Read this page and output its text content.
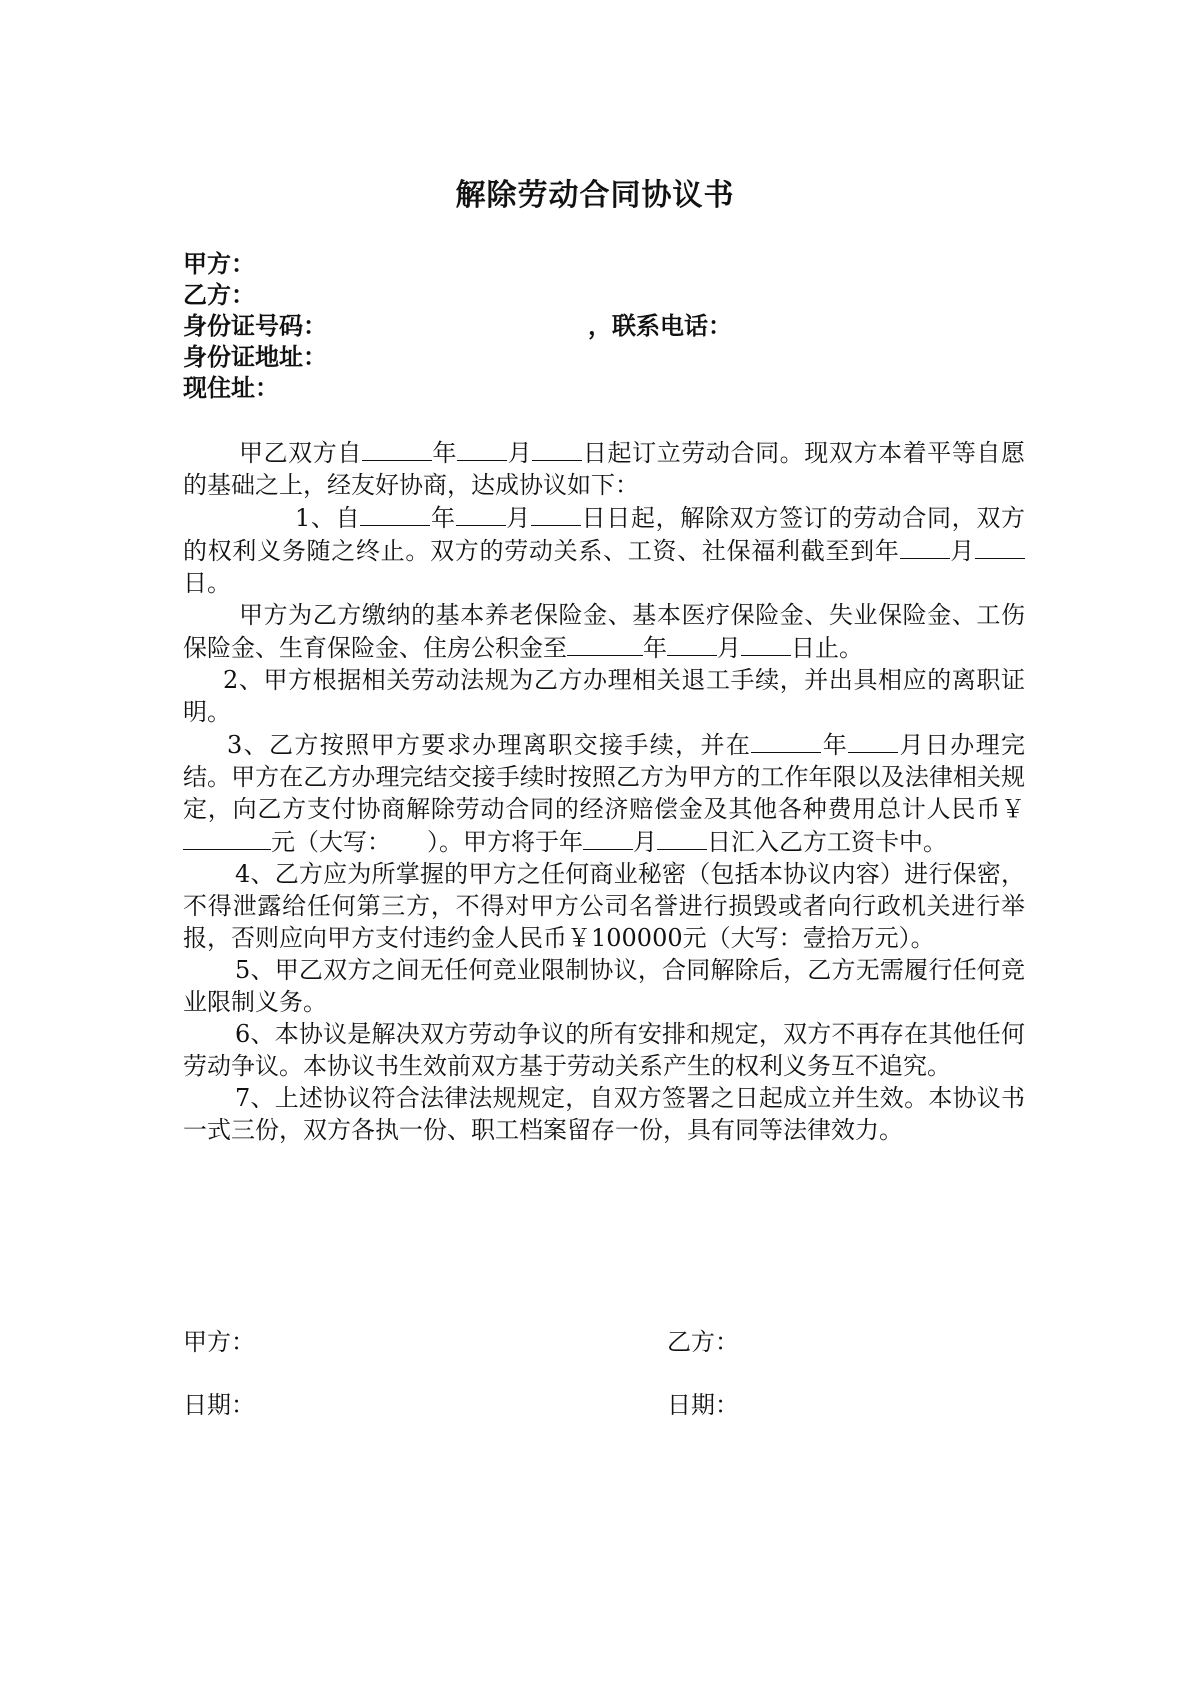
解除劳动合同协议书
甲方：
乙方：
身份证号码：	，联系电话：
身份证地址：
现住址：

甲乙双方自	年 月 日起订立劳动合同。现双方本着平等自愿的基础之上，经友好协商，达成协议如下：

1、自	年 月 日日起，解除双方签订的劳动合同，双方的权利义务随之终止。双方的劳动关系、工资、社保福利截至到年 月日。

甲方为乙方缴纳的基本养老保险金、基本医疗保险金、失业保险金、工伤保险金、生育保险金、住房公积金至	年 月 日止。

2、甲方根据相关劳动法规为乙方办理相关退工手续，并出具相应的离职证明。

3、乙方按照甲方要求办理离职交接手续，并在	年 月日办理完结。甲方在乙方办理完结交接手续时按照乙方为甲方的工作年限以及法律相关规定，向乙方支付协商解除劳动合同的经济赔偿金及其他各种费用总计人民币￥元（大写：　　）。甲方将于年 月 日汇入乙方工资卡中。

4、乙方应为所掌握的甲方之任何商业秘密（包括本协议内容）进行保密，不得泄露给任何第三方，不得对甲方公司名誉进行损毁或者向行政机关进行举报，否则应向甲方支付违约金人民币￥100000元（大写：壹拾万元）。

5、甲乙双方之间无任何竞业限制协议，合同解除后，乙方无需履行任何竞业限制义务。

6、本协议是解决双方劳动争议的所有安排和规定，双方不再存在其他任何劳动争议。本协议书生效前双方基于劳动关系产生的权利义务互不追究。

7、上述协议符合法律法规规定，自双方签署之日起成立并生效。本协议书一式三份，双方各执一份、职工档案留存一份，具有同等法律效力。

甲方：	乙方：
日期：	日期：
